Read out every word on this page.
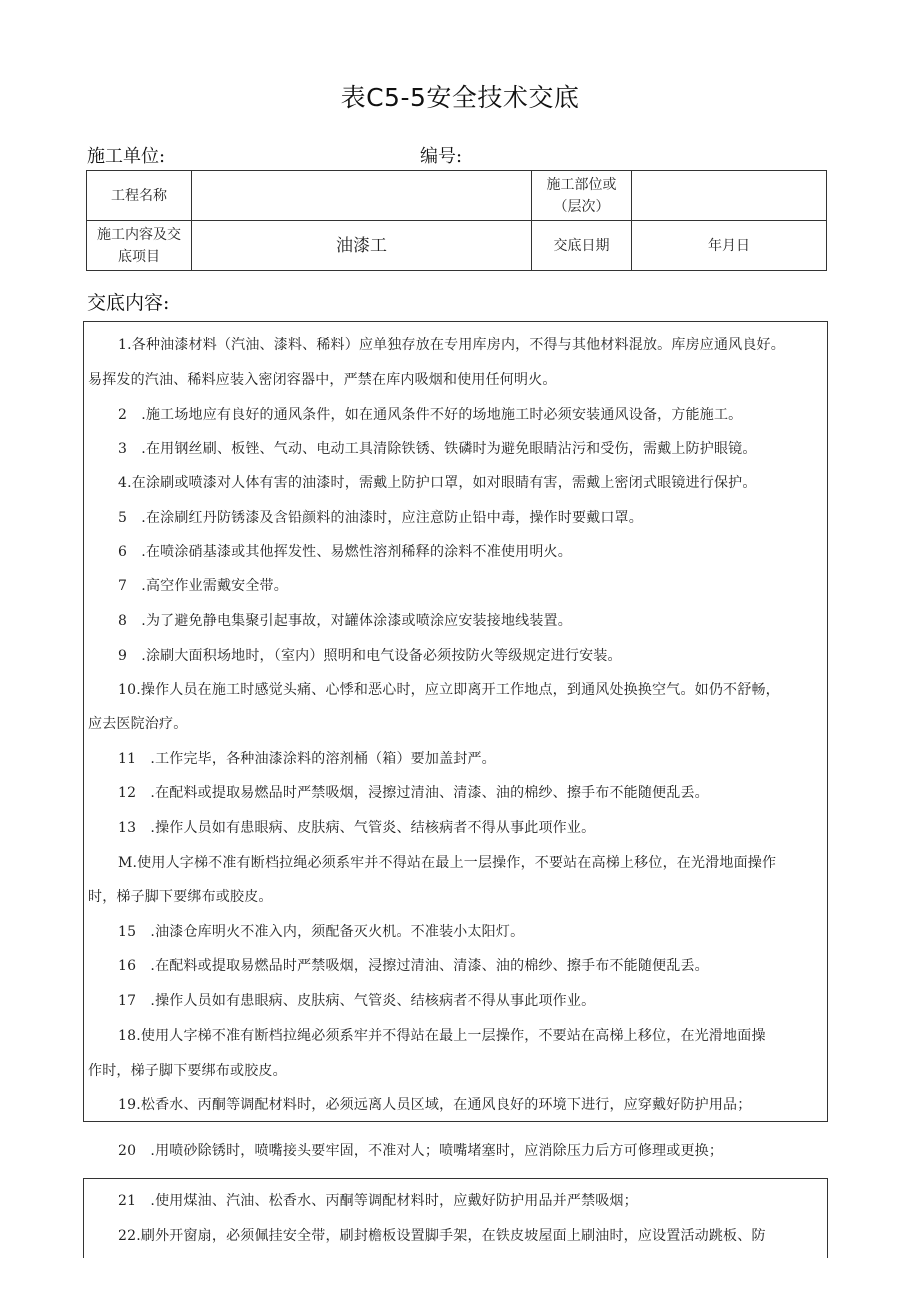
表C5-5安全技术交底
施工单位:	编号:
工程名称		施工部位或（层次）	
施工内容及交底项目	油漆工	交底日期	年月日
交底内容:
1.各种油漆材料（汽油、漆料、稀料）应单独存放在专用库房内，不得与其他材料混放。库房应通风良好。
易挥发的汽油、稀料应装入密闭容器中，严禁在库内吸烟和使用任何明火。
2　.施工场地应有良好的通风条件，如在通风条件不好的场地施工时必须安装通风设备，方能施工。
3　.在用钢丝刷、板锉、气动、电动工具清除铁锈、铁磷时为避免眼睛沾污和受伤，需戴上防护眼镜。
4.在涂刷或喷漆对人体有害的油漆时，需戴上防护口罩，如对眼睛有害，需戴上密闭式眼镜进行保护。
5　.在涂刷红丹防锈漆及含铅颜料的油漆时，应注意防止铅中毒，操作时要戴口罩。
6　.在喷涂硝基漆或其他挥发性、易燃性溶剂稀释的涂料不准使用明火。
7　.高空作业需戴安全带。
8　.为了避免静电集聚引起事故，对罐体涂漆或喷涂应安装接地线装置。
9　.涂刷大面积场地时，（室内）照明和电气设备必须按防火等级规定进行安装。
10.操作人员在施工时感觉头痛、心悸和恶心时，应立即离开工作地点，到通风处换换空气。如仍不舒畅，
应去医院治疗。
11　.工作完毕，各种油漆涂料的溶剂桶（箱）要加盖封严。
12　.在配料或提取易燃品时严禁吸烟，浸擦过清油、清漆、油的棉纱、擦手布不能随便乱丢。
13　.操作人员如有患眼病、皮肤病、气管炎、结核病者不得从事此项作业。
M.使用人字梯不准有断档拉绳必须系牢并不得站在最上一层操作，不要站在高梯上移位，在光滑地面操作
时，梯子脚下要绑布或胶皮。
15　.油漆仓库明火不准入内，须配备灭火机。不准装小太阳灯。
16　.在配料或提取易燃品时严禁吸烟，浸擦过清油、清漆、油的棉纱、擦手布不能随便乱丢。
17　.操作人员如有患眼病、皮肤病、气管炎、结核病者不得从事此项作业。
18.使用人字梯不准有断档拉绳必须系牢并不得站在最上一层操作，不要站在高梯上移位，在光滑地面操
作时，梯子脚下要绑布或胶皮。
19.松香水、丙酮等调配材料时，必须远离人员区域，在通风良好的环境下进行，应穿戴好防护用品；
20　.用喷砂除锈时，喷嘴接头要牢固，不准对人；喷嘴堵塞时，应消除压力后方可修理或更换；
21　.使用煤油、汽油、松香水、丙酮等调配材料时，应戴好防护用品并严禁吸烟；
22.刷外开窗扇，必须佩挂安全带，刷封檐板设置脚手架，在铁皮坡屋面上刷油时，应设置活动跳板、防
